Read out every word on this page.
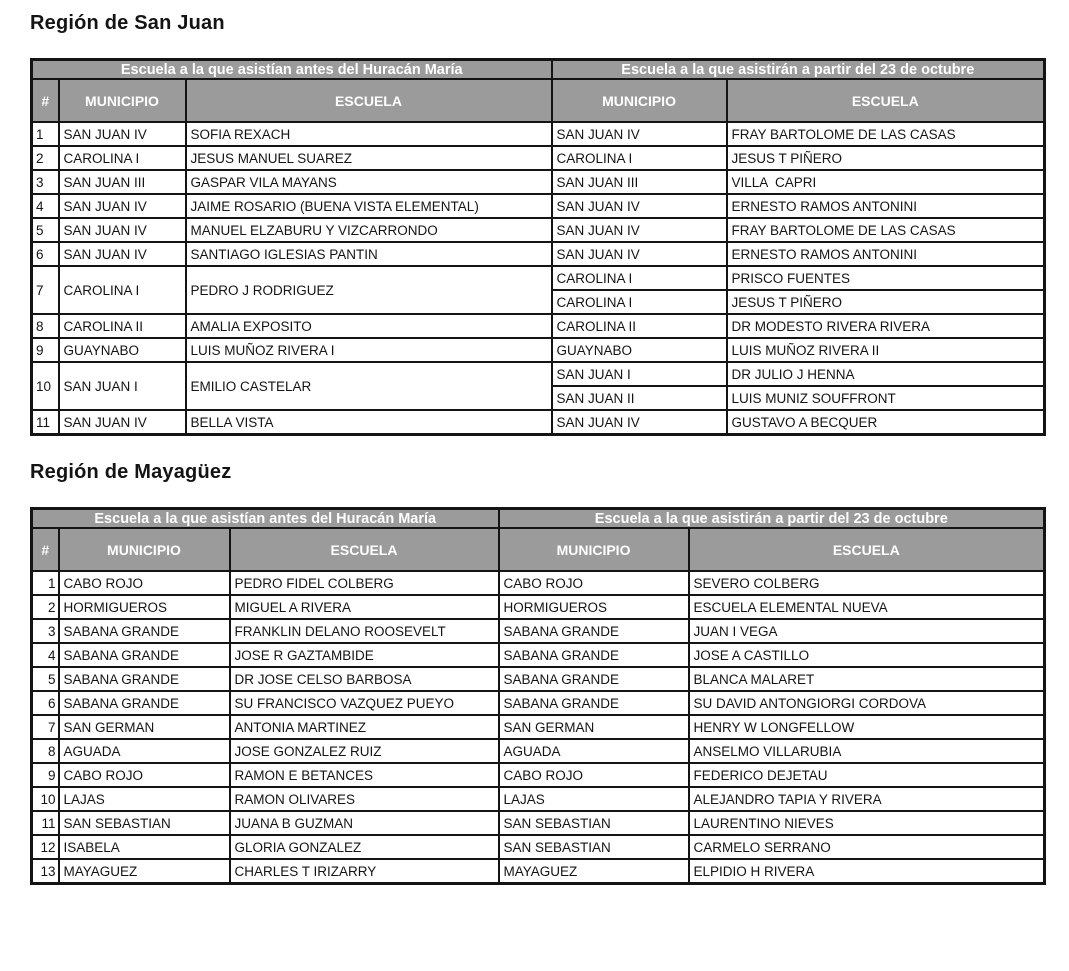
Región de San Juan
Escuela a la que asistían antes del Huracán María			Escuela a la que asistirán a partir del 23 de octubre	
#	MUNICIPIO	ESCUELA	MUNICIPIO	ESCUELA
1	SAN JUAN IV	SOFIA REXACH	SAN JUAN IV	FRAY BARTOLOME DE LAS CASAS
2	CAROLINA I	JESUS MANUEL SUAREZ	CAROLINA I	JESUS T PIÑERO
3	SAN JUAN III	GASPAR VILA MAYANS	SAN JUAN III	VILLA  CAPRI
4	SAN JUAN IV	JAIME ROSARIO (BUENA VISTA ELEMENTAL)	SAN JUAN IV	ERNESTO RAMOS ANTONINI
5	SAN JUAN IV	MANUEL ELZABURU Y VIZCARRONDO	SAN JUAN IV	FRAY BARTOLOME DE LAS CASAS
6	SAN JUAN IV	SANTIAGO IGLESIAS PANTIN	SAN JUAN IV	ERNESTO RAMOS ANTONINI
7	CAROLINA I	PEDRO J RODRIGUEZ	CAROLINA I	PRISCO FUENTES
			CAROLINA I	JESUS T PIÑERO
8	CAROLINA II	AMALIA EXPOSITO	CAROLINA II	DR MODESTO RIVERA RIVERA
9	GUAYNABO	LUIS MUÑOZ RIVERA I	GUAYNABO	LUIS MUÑOZ RIVERA II
10	SAN JUAN I	EMILIO CASTELAR	SAN JUAN I	DR JULIO J HENNA
			SAN JUAN II	LUIS MUNIZ SOUFFRONT
11	SAN JUAN IV	BELLA VISTA	SAN JUAN IV	GUSTAVO A BECQUER
Región de Mayagüez
Escuela a la que asistían antes del Huracán María			Escuela a la que asistirán a partir del 23 de octubre	
#	MUNICIPIO	ESCUELA	MUNICIPIO	ESCUELA
1	CABO ROJO	PEDRO FIDEL COLBERG	CABO ROJO	SEVERO COLBERG
2	HORMIGUEROS	MIGUEL A RIVERA	HORMIGUEROS	ESCUELA ELEMENTAL NUEVA
3	SABANA GRANDE	FRANKLIN DELANO ROOSEVELT	SABANA GRANDE	JUAN I VEGA
4	SABANA GRANDE	JOSE R GAZTAMBIDE	SABANA GRANDE	JOSE A CASTILLO
5	SABANA GRANDE	DR JOSE CELSO BARBOSA	SABANA GRANDE	BLANCA MALARET
6	SABANA GRANDE	SU FRANCISCO VAZQUEZ PUEYO	SABANA GRANDE	SU DAVID ANTONGIORGI CORDOVA
7	SAN GERMAN	ANTONIA MARTINEZ	SAN GERMAN	HENRY W LONGFELLOW
8	AGUADA	JOSE GONZALEZ RUIZ	AGUADA	ANSELMO VILLARUBIA
9	CABO ROJO	RAMON E BETANCES	CABO ROJO	FEDERICO DEJETAU
10	LAJAS	RAMON OLIVARES	LAJAS	ALEJANDRO TAPIA Y RIVERA
11	SAN SEBASTIAN	JUANA B GUZMAN	SAN SEBASTIAN	LAURENTINO NIEVES
12	ISABELA	GLORIA GONZALEZ	SAN SEBASTIAN	CARMELO SERRANO
13	MAYAGUEZ	CHARLES T IRIZARRY	MAYAGUEZ	ELPIDIO H RIVERA
